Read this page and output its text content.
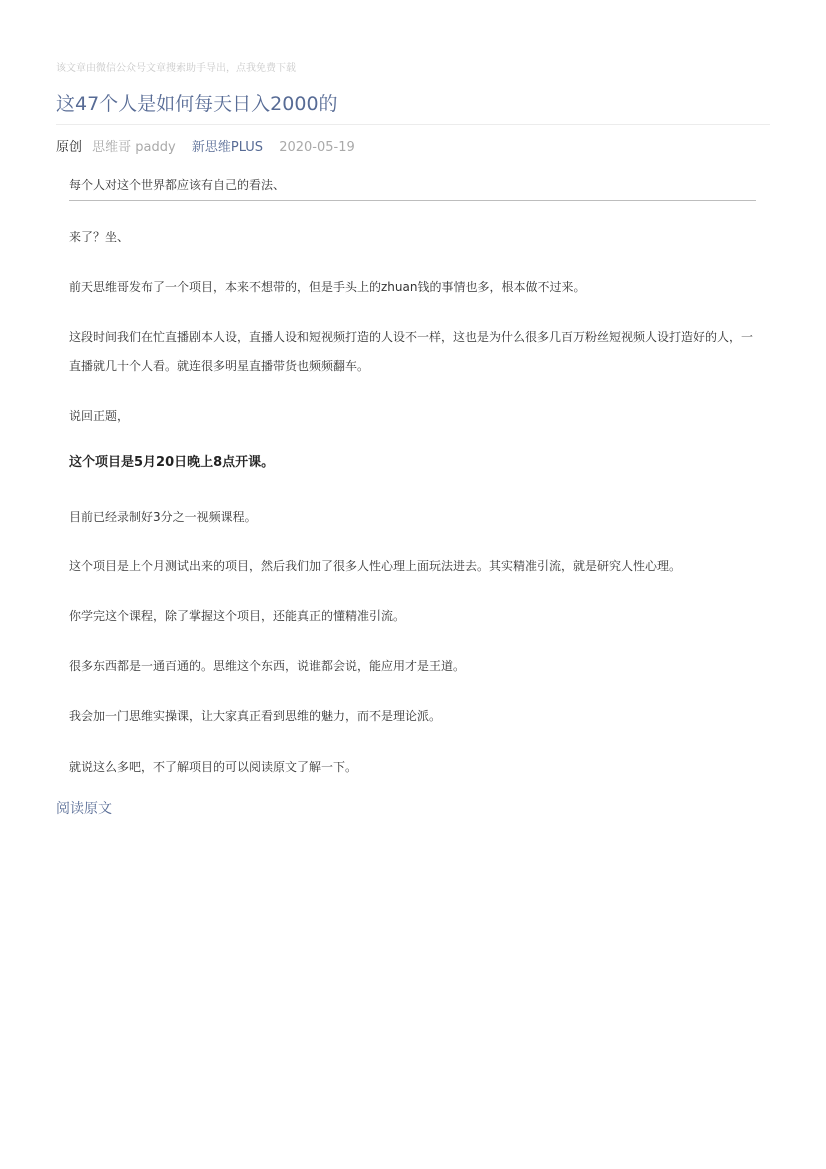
该文章由微信公众号文章搜索助手导出，点我免费下载
这47个人是如何每天日入2000的
原创 思维哥 paddy 新思维PLUS 2020-05-19
每个人对这个世界都应该有自己的看法、

来了？坐、

前天思维哥发布了一个项目，本来不想带的，但是手头上的zhuan钱的事情也多，根本做不过来。

这段时间我们在忙直播剧本人设，直播人设和短视频打造的人设不一样，这也是为什么很多几百万粉丝短视频人设打造好的人，一直播就几十个人看。就连很多明星直播带货也频频翻车。

说回正题，

这个项目是5月20日晚上8点开课。

目前已经录制好3分之一视频课程。

这个项目是上个月测试出来的项目，然后我们加了很多人性心理上面玩法进去。其实精准引流，就是研究人性心理。

你学完这个课程，除了掌握这个项目，还能真正的懂精准引流。

很多东西都是一通百通的。思维这个东西，说谁都会说，能应用才是王道。

我会加一门思维实操课，让大家真正看到思维的魅力，而不是理论派。

就说这么多吧，不了解项目的可以阅读原文了解一下。

阅读原文
